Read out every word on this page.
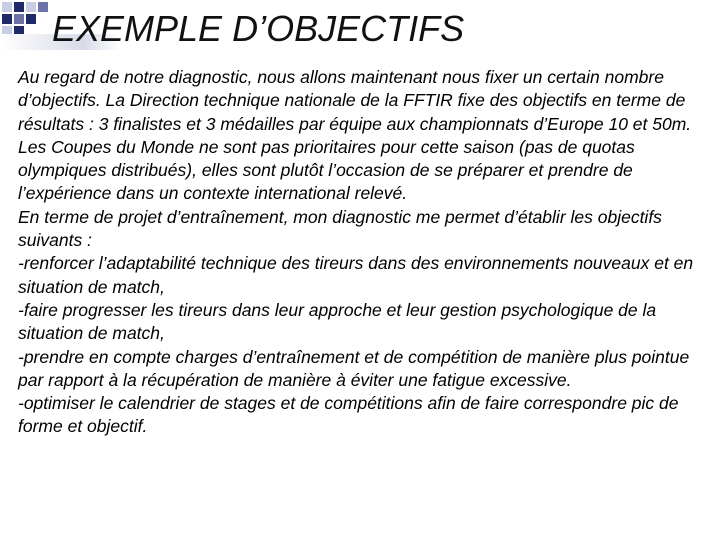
EXEMPLE D’OBJECTIFS

Au regard de notre diagnostic, nous allons maintenant nous fixer un certain nombre d’objectifs. La Direction technique nationale de la FFTIR fixe des objectifs en terme de résultats : 3 finalistes et 3 médailles par équipe aux championnats d’Europe 10 et 50m. Les Coupes du Monde ne sont pas prioritaires pour cette saison (pas de quotas olympiques distribués), elles sont plutôt l’occasion de se préparer et prendre de l’expérience dans un contexte international relevé.

En terme de projet d’entraînement, mon diagnostic me permet d’établir les objectifs suivants :

-renforcer l’adaptabilité technique des tireurs dans des environnements nouveaux et en situation de match,

-faire progresser les tireurs dans leur approche et leur gestion psychologique de la situation de match,

-prendre en compte charges d’entraînement et de compétition de manière plus pointue par rapport à la récupération de manière à éviter une fatigue excessive.

-optimiser le calendrier de stages et de compétitions afin de faire correspondre pic de forme et objectif.
